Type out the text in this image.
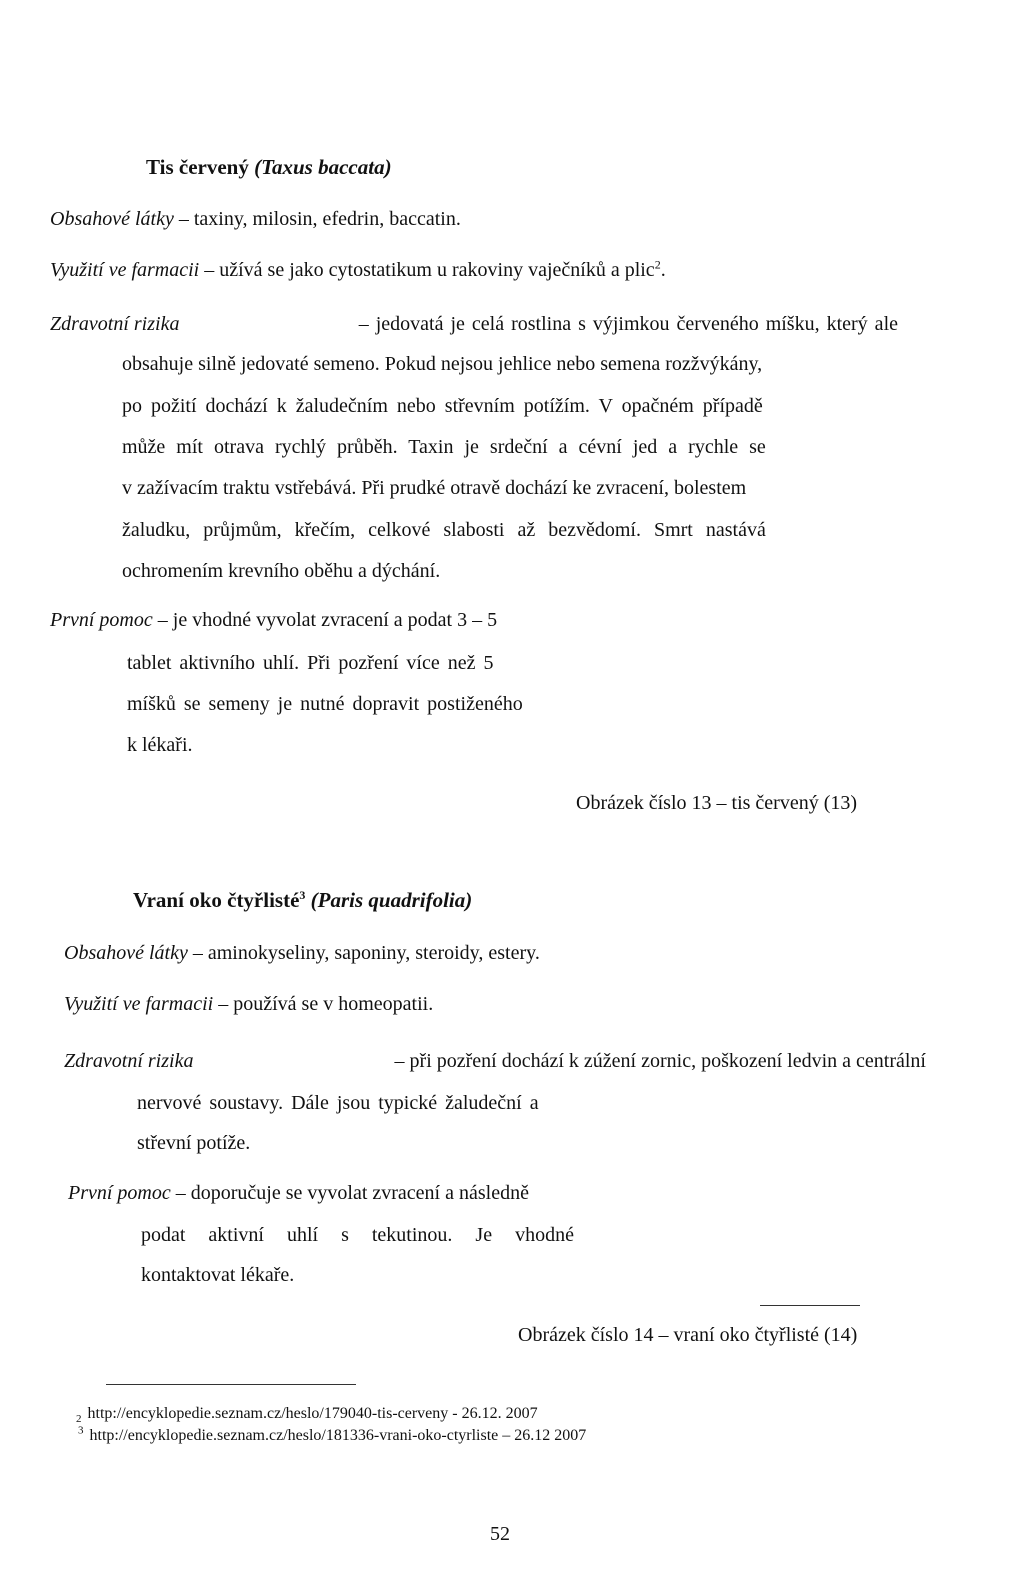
Tis červený (Taxus baccata)
Obsahové látky – taxiny, milosin, efedrin, baccatin.
Využití ve farmacii – užívá se jako cytostatikum u rakoviny vaječníků a plic$^2$.
Zdravotní rizika	– jedovatá je celá rostlina s výjimkou červeného míšku, který ale
obsahuje silně jedovaté semeno. Pokud nejsou jehlice nebo semena rozžvýkány,
po požití dochází k žaludečním nebo střevním potížím. V opačném případě
může mít otrava rychlý průběh. Taxin je srdeční a cévní jed a rychle se
v zažívacím traktu vstřebává. Při prudké otravě dochází ke zvracení, bolestem
žaludku, průjmům, křečím, celkové slabosti až bezvědomí. Smrt nastává
ochromením krevního oběhu a dýchání.
První pomoc – je vhodné vyvolat zvracení a podat 3 – 5
tablet aktivního uhlí. Při pozření více než 5
míšků se semeny je nutné dopravit postiženého
k lékaři.
Obrázek číslo 13 – tis červený (13)
Vraní oko čtyřlisté$^3$ (Paris quadrifolia)
Obsahové látky – aminokyseliny, saponiny, steroidy, estery.
Využití ve farmacii – používá se v homeopatii.
Zdravotní rizika	– při pozření dochází k zúžení zornic, poškození ledvin a centrální
nervové soustavy. Dále jsou typické žaludeční a
střevní potíže.
První pomoc – doporučuje se vyvolat zvracení a následně
podat aktivní uhlí s tekutinou. Je vhodné
kontaktovat lékaře.
Obrázek číslo 14 – vraní oko čtyřlisté (14)
$_2$ http://encyklopedie.seznam.cz/heslo/179040-tis-cerveny - 26.12. 2007
$^3$ http://encyklopedie.seznam.cz/heslo/181336-vrani-oko-ctyrliste – 26.12 2007
52
